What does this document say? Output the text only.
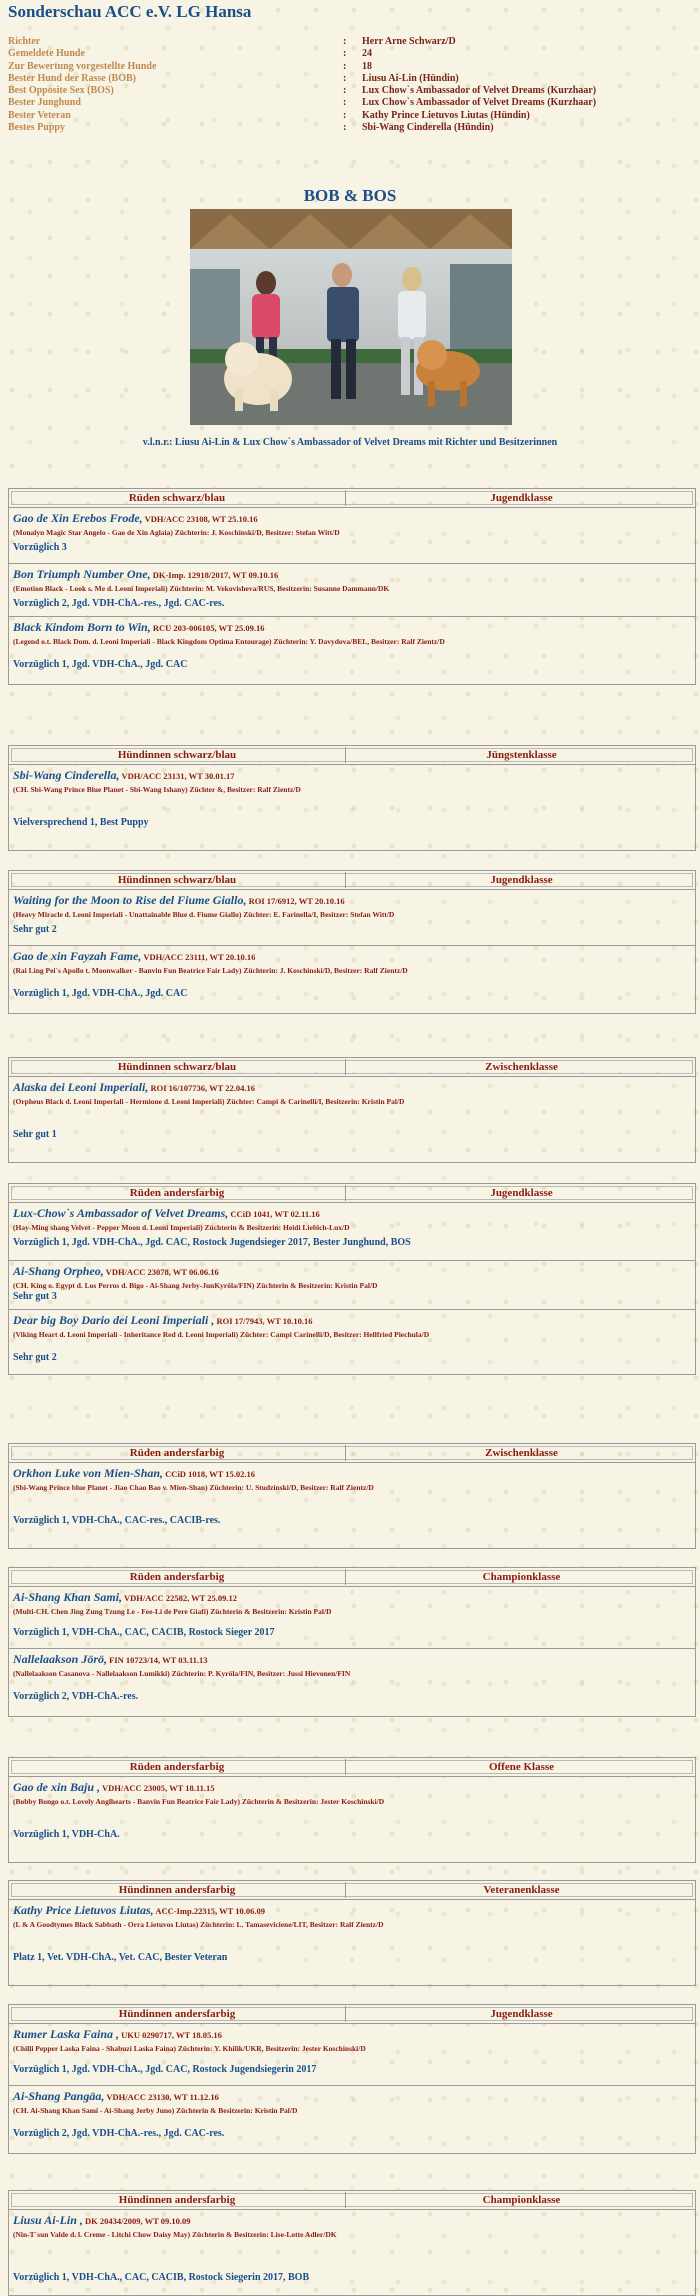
Sonderschau ACC e.V. LG Hansa
Richter	: Herr Arne Schwarz/D
Gemeldete Hunde	: 24
Zur Bewertung vorgestellte Hunde	: 18
Bester Hund der Rasse (BOB)	: Liusu Ai-Lin (Hündin)
Best Opposite Sex (BOS)	: Lux Chow`s Ambassador of Velvet Dreams (Kurzhaar)
Bester Junghund	: Lux Chow`s Ambassador of Velvet Dreams (Kurzhaar)
Bester Veteran	: Kathy Prince Lietuvos Liutas (Hündin)
Bestes Puppy	: Sbi-Wang Cinderella (Hündin)
BOB & BOS
v.l.n.r.: Liusu Ai-Lin & Lux Chow`s Ambassador of Velvet Dreams mit Richter und Besitzerinnen
Rüden schwarz/blau	Jugendklasse
Gao de Xin Erebos Frode, VDH/ACC 23108, WT 25.10.16
(Monalyn Magic Star Angelo - Gao de Xin Aglaia) Züchterin: J. Koschinski/D, Besitzer: Stefan Witt/D
Vorzüglich 3
Bon Triumph Number One, DK-Imp. 12918/2017, WT 09.10.16
(Emotion Black - Look s. Me d. Leoni Imperiali) Züchterin: M. Vekovisheva/RUS, Besitzerin: Susanne Dammann/DK
Vorzüglich 2, Jgd. VDH-ChA.-res., Jgd. CAC-res.
Black Kindom Born to Win, RCU 203-006105, WT 25.09.16
(Legend o.t. Black Dom. d. Leoni Imperiali - Black Kingdom Optima Entourage) Züchterin: Y. Davydova/BEL, Besitzer: Ralf Zientz/D
Vorzüglich 1, Jgd. VDH-ChA., Jgd. CAC
Hündinnen schwarz/blau	Jüngstenklasse
Sbi-Wang Cinderella, VDH/ACC 23131, WT 30.01.17
(CH. Sbi-Wang Prince Blue Planet - Sbi-Wang Ishany) Züchter &, Besitzer: Ralf Zientz/D
Vielversprechend 1, Best Puppy
Hündinnen schwarz/blau	Jugendklasse
Waiting for the Moon to Rise del Fiume Giallo, ROI 17/6912, WT 20.10.16
(Heavy Miracle d. Leoni Imperiali - Unattainable Blue d. Fiume Giallo) Züchter: E. Farinella/I, Besitzer: Stefan Witt/D
Sehr gut 2
Gao de xin Fayzah Fame, VDH/ACC 23111, WT 20.10.16
(Rai Ling Pei`s Apollo t. Moonwalker - Banvin Fun Beatrice Fair Lady) Züchterin: J. Koschinski/D, Besitzer: Ralf Zientz/D
Vorzüglich 1, Jgd. VDH-ChA., Jgd. CAC
Hündinnen schwarz/blau	Zwischenklasse
Alaska dei Leoni Imperiali, ROI 16/107736, WT 22.04.16
(Orpheus Black d. Leoni Imperiali - Hermione d. Leoni Imperiali) Züchter: Campi & Carinelli/I, Besitzerin: Kristin Pal/D
Sehr gut 1
Rüden andersfarbig	Jugendklasse
Lux-Chow`s Ambassador of Velvet Dreams, CCiD 1041, WT 02.11.16
(Hay-Ming shang Velvet - Pepper Moon d. Leoni Imperiali) Züchterin & Besitzerin: Heidi Liebich-Lux/D
Vorzüglich 1, Jgd. VDH-ChA., Jgd. CAC, Rostock Jugendsieger 2017, Bester Junghund, BOS
Ai-Shang Orpheo, VDH/ACC 23078, WT 06.06.16
(CH. King o. Egypt d. Los Perros d. Bigo - Ai-Shang Jerby-JunKyröla/FIN) Züchterin & Besitzerin: Kristin Pal/D
Sehr gut 3
Dear big Boy Dario dei Leoni Imperiali , ROI 17/7943, WT 10.10.16
(Viking Heart d. Leoni Imperiali - Inheritance Red d. Leoni Imperiali) Züchter: Campi Carinelli/D, Besitzer: Hellfried Piechula/D
Sehr gut 2
Rüden andersfarbig	Zwischenklasse
Orkhon Luke von Mien-Shan, CCiD 1018, WT 15.02.16
(Sbi-Wang Prince blue Planet - Jiao Chao Bao v. Mien-Shan) Züchterin: U. Studzinski/D, Besitzer: Ralf Zientz/D
Vorzüglich 1, VDH-ChA., CAC-res., CACIB-res.
Rüden andersfarbig	Championklasse
Ai-Shang Khan Sami, VDH/ACC 22582, WT 25.09.12
(Multi-CH. Chen Jing Zung Tzung Le - Fee-Li de Pere Giafi) Züchterin & Besitzerin: Kristin Pal/D
Vorzüglich 1, VDH-ChA., CAC, CACIB, Rostock Sieger 2017
Nallelaakson Jörö, FIN 10723/14, WT 03.11.13
(Nallelaakson Casanova - Nallelaakson Lumikki) Züchterin: P. Kyröla/FIN, Besitzer: Jussi Hievonen/FIN
Vorzüglich 2, VDH-ChA.-res.
Rüden andersfarbig	Offene Klasse
Gao de xin Baju , VDH/ACC 23005, WT 18.11.15
(Bobby Bongo o.t. Lovely Anglhearts - Banvin Fun Beatrice Fair Lady) Züchterin & Besitzerin: Jester Koschinski/D
Vorzüglich 1, VDH-ChA.
Hündinnen andersfarbig	Veteranenklasse
Kathy Price Lietuvos Liutas, ACC-Imp.22315, WT 10.06.09
(L & A Goodtymes Black Sabbath - Orra Lietuvos Liutas) Züchterin: L. Tamaseviciene/LIT, Besitzer: Ralf Zientz/D
Platz 1, Vet. VDH-ChA., Vet. CAC, Bester Veteran
Hündinnen andersfarbig	Jugendklasse
Rumer Laska Faina , UKU 0290717, WT 18.05.16
(Chilli Pepper Laska Faina - Shabuzi Laska Faina) Züchterin: Y. Khilik/UKR, Besitzerin: Jester Koschinski/D
Vorzüglich 1, Jgd. VDH-ChA., Jgd. CAC, Rostock Jugendsiegerin 2017
Ai-Shang Pangäa, VDH/ACC 23130, WT 11.12.16
(CH. Ai-Shang Khan Sami - Ai-Shang Jerby Juno) Züchterin & Besitzerin: Kristin Pal/D
Vorzüglich 2, Jgd. VDH-ChA.-res., Jgd. CAC-res.
Hündinnen andersfarbig	Championklasse
Liusu Ai-Lin , DK 20434/2009, WT 09.10.09
(Nin-T`sun Valde d. l. Creme - Litchi Chow Daisy May) Züchterin & Besitzerin: Lise-Lotte Adler/DK
Vorzüglich 1, VDH-ChA., CAC, CACIB, Rostock Siegerin 2017, BOB
